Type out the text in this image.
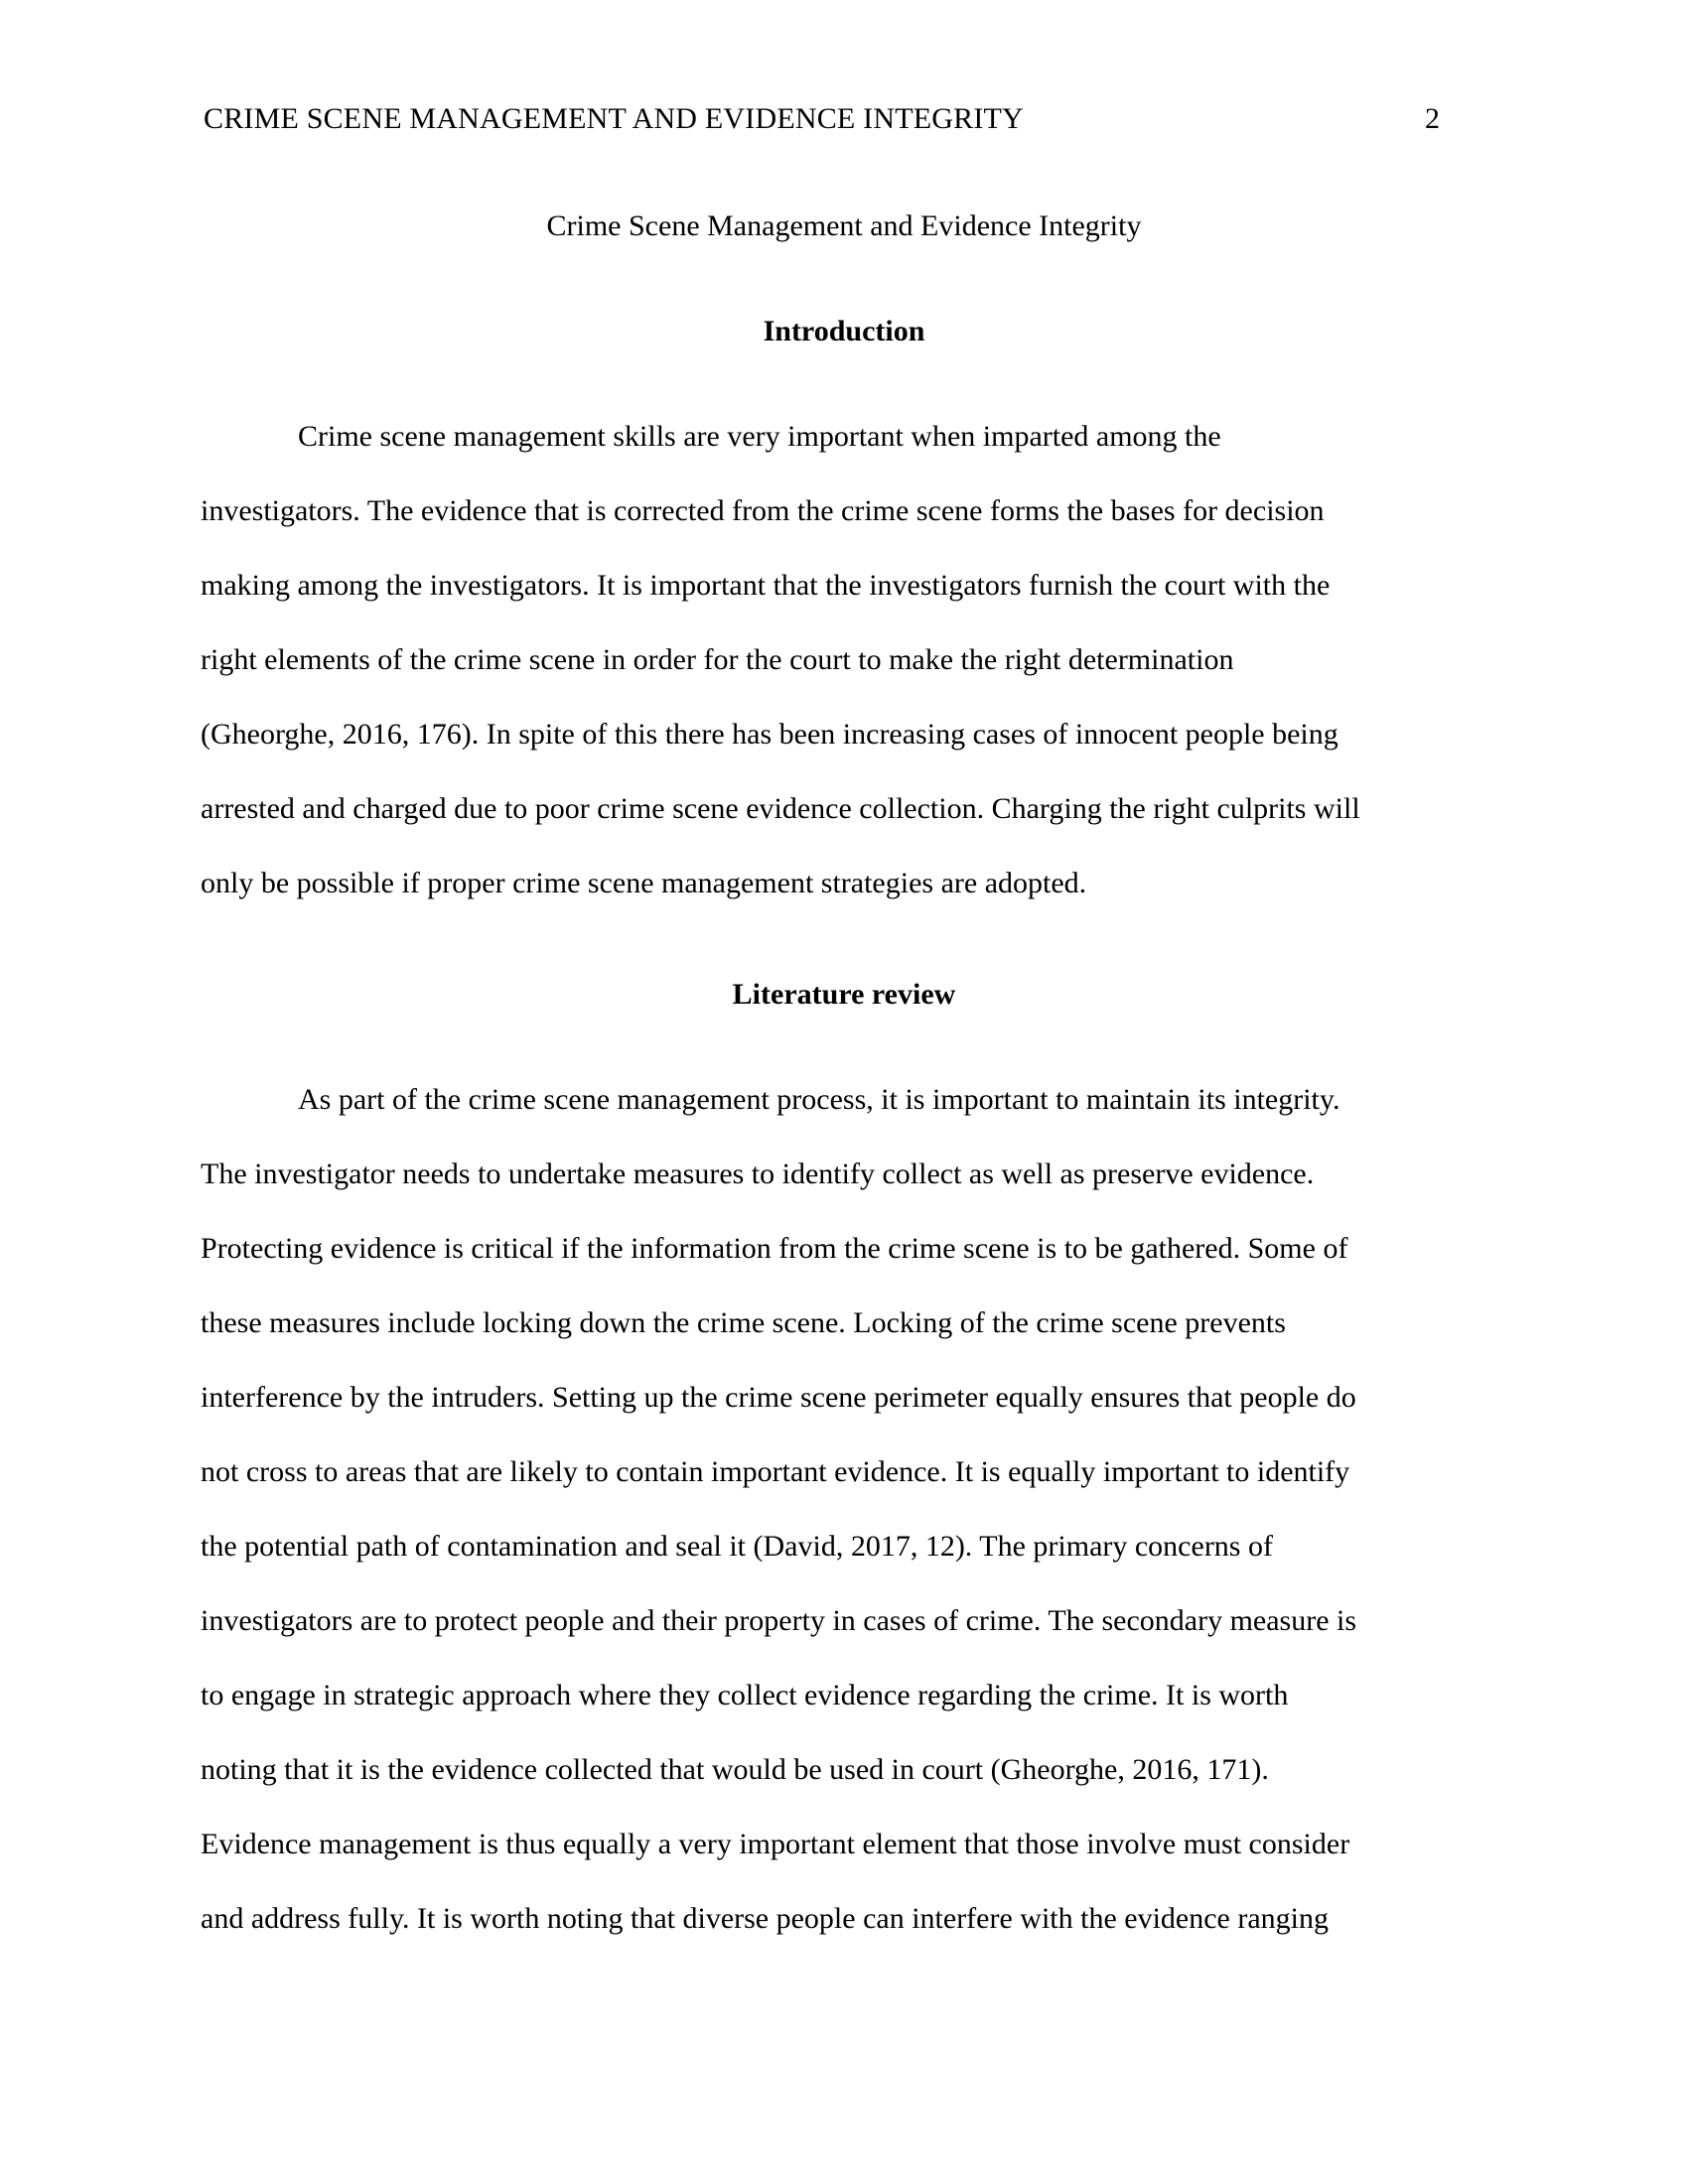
CRIME SCENE MANAGEMENT AND EVIDENCE INTEGRITY	2
Crime Scene Management and Evidence Integrity
Introduction
Crime scene management skills are very important when imparted among the
investigators. The evidence that is corrected from the crime scene forms the bases for decision
making among the investigators. It is important that the investigators furnish the court with the
right elements of the crime scene in order for the court to make the right determination
(Gheorghe, 2016, 176). In spite of this there has been increasing cases of innocent people being
arrested and charged due to poor crime scene evidence collection. Charging the right culprits will
only be possible if proper crime scene management strategies are adopted.
Literature review
As part of the crime scene management process, it is important to maintain its integrity.
The investigator needs to undertake measures to identify collect as well as preserve evidence.
Protecting evidence is critical if the information from the crime scene is to be gathered. Some of
these measures include locking down the crime scene. Locking of the crime scene prevents
interference by the intruders. Setting up the crime scene perimeter equally ensures that people do
not cross to areas that are likely to contain important evidence. It is equally important to identify
the potential path of contamination and seal it (David, 2017, 12). The primary concerns of
investigators are to protect people and their property in cases of crime. The secondary measure is
to engage in strategic approach where they collect evidence regarding the crime. It is worth
noting that it is the evidence collected that would be used in court (Gheorghe, 2016, 171).
Evidence management is thus equally a very important element that those involve must consider
and address fully. It is worth noting that diverse people can interfere with the evidence ranging
